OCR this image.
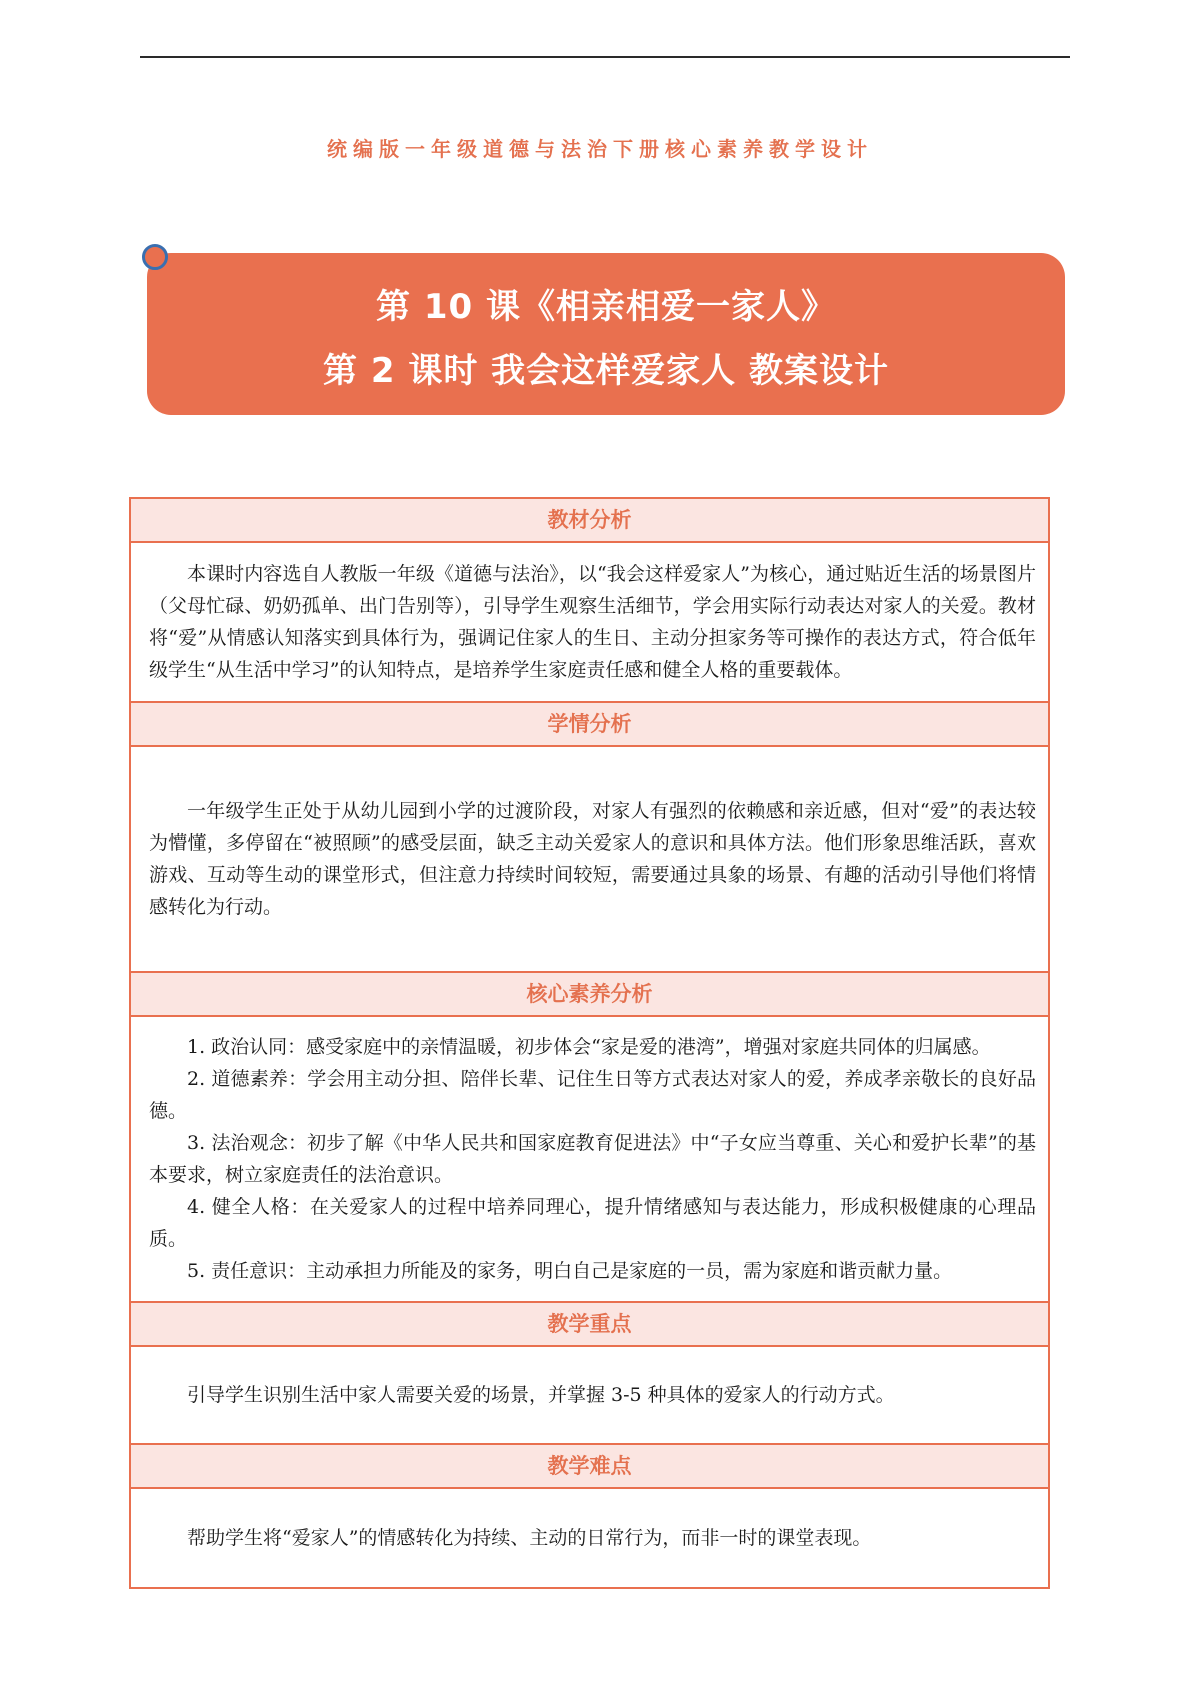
统编版一年级道德与法治下册核心素养教学设计
第 10 课《相亲相爱一家人》
第 2 课时 我会这样爱家人 教案设计
教材分析

本课时内容选自人教版一年级《道德与法治》，以“我会这样爱家人”为核心，通过贴近生活的场景图片（父母忙碌、奶奶孤单、出门告别等），引导学生观察生活细节，学会用实际行动表达对家人的关爱。教材将“爱”从情感认知落实到具体行为，强调记住家人的生日、主动分担家务等可操作的表达方式，符合低年级学生“从生活中学习”的认知特点，是培养学生家庭责任感和健全人格的重要载体。

学情分析

一年级学生正处于从幼儿园到小学的过渡阶段，对家人有强烈的依赖感和亲近感，但对“爱”的表达较为懵懂，多停留在“被照顾”的感受层面，缺乏主动关爱家人的意识和具体方法。他们形象思维活跃，喜欢游戏、互动等生动的课堂形式，但注意力持续时间较短，需要通过具象的场景、有趣的活动引导他们将情感转化为行动。

核心素养分析

1. 政治认同：感受家庭中的亲情温暖，初步体会“家是爱的港湾”，增强对家庭共同体的归属感。

2. 道德素养：学会用主动分担、陪伴长辈、记住生日等方式表达对家人的爱，养成孝亲敬长的良好品德。

3. 法治观念：初步了解《中华人民共和国家庭教育促进法》中“子女应当尊重、关心和爱护长辈”的基本要求，树立家庭责任的法治意识。

4. 健全人格：在关爱家人的过程中培养同理心，提升情绪感知与表达能力，形成积极健康的心理品质。

5. 责任意识：主动承担力所能及的家务，明白自己是家庭的一员，需为家庭和谐贡献力量。

教学重点

引导学生识别生活中家人需要关爱的场景，并掌握 3-5 种具体的爱家人的行动方式。

教学难点

帮助学生将“爱家人”的情感转化为持续、主动的日常行为，而非一时的课堂表现。
